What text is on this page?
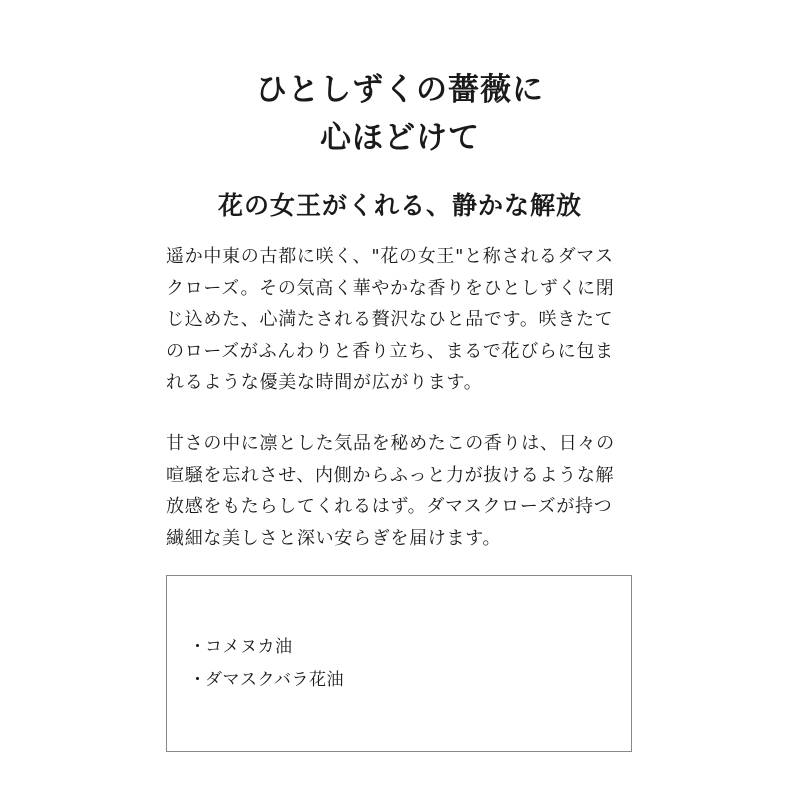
ひとしずくの薔薇に
心ほどけて
花の女王がくれる、静かな解放

遥か中東の古都に咲く、"花の女王"と称されるダマス
クローズ。その気高く華やかな香りをひとしずくに閉
じ込めた、心満たされる贅沢なひと品です。咲きたて
のローズがふんわりと香り立ち、まるで花びらに包ま
れるような優美な時間が広がります。

甘さの中に凛とした気品を秘めたこの香りは、日々の
喧騒を忘れさせ、内側からふっと力が抜けるような解
放感をもたらしてくれるはず。ダマスクローズが持つ
繊細な美しさと深い安らぎを届けます。

・コメヌカ油
・ダマスクバラ花油
